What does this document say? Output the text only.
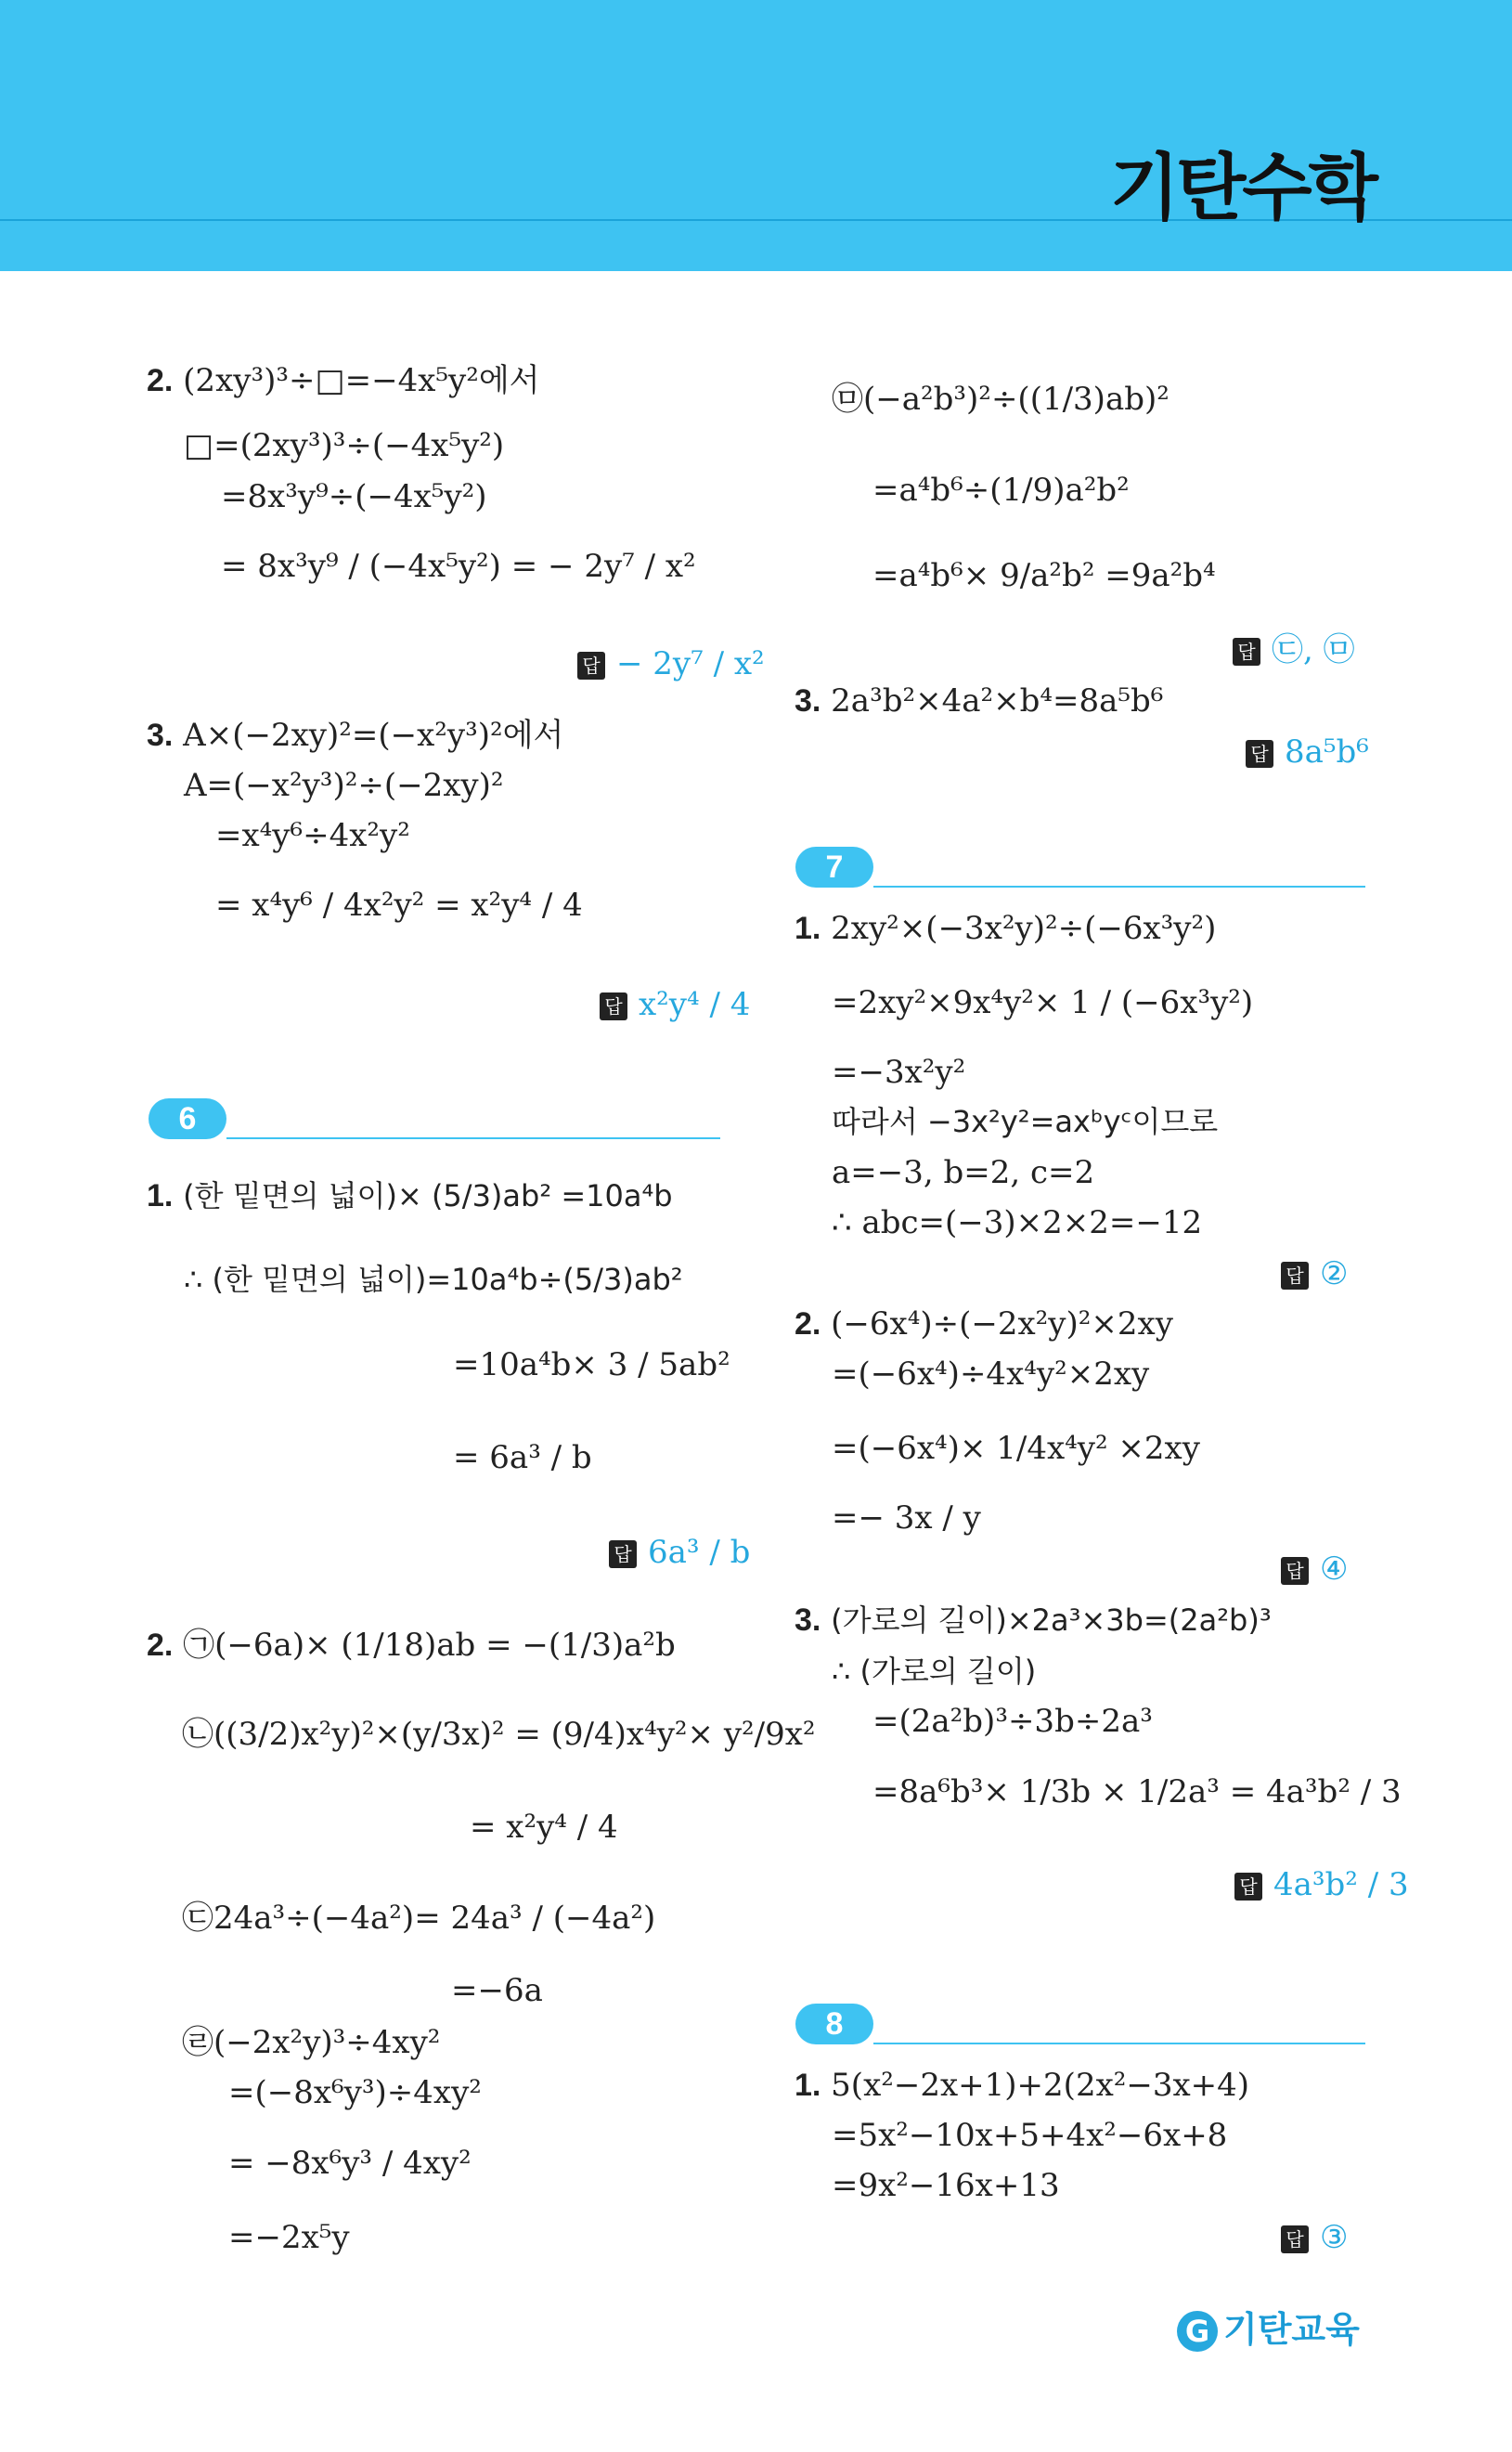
기탄수학
2. (2xy³)³÷□=−4x⁵y²에서
□=(2xy³)³÷(−4x⁵y²)
=8x³y⁹÷(−4x⁵y²)
= 8x³y⁹ / (−4x⁵y²) = − 2y⁷ / x²
답 − 2y⁷ / x²
3. A×(−2xy)²=(−x²y³)²에서
A=(−x²y³)²÷(−2xy)²
=x⁴y⁶÷4x²y²
= x⁴y⁶ / 4x²y² = x²y⁴ / 4
답 x²y⁴ / 4
6
1. (한 밑면의 넓이)× (5/3)ab² =10a⁴b
∴ (한 밑면의 넓이)=10a⁴b÷(5/3)ab²
=10a⁴b× 3 / 5ab²
= 6a³ / b
답 6a³ / b
2. ㉠(−6a)× (1/18)ab = −(1/3)a²b
㉡((3/2)x²y)²×(y/3x)² = (9/4)x⁴y²× y²/9x²
= x²y⁴ / 4
㉢24a³÷(−4a²)= 24a³ / (−4a²)
=−6a
㉣(−2x²y)³÷4xy²
=(−8x⁶y³)÷4xy²
= −8x⁶y³ / 4xy²
=−2x⁵y
㉤(−a²b³)²÷((1/3)ab)²
=a⁴b⁶÷(1/9)a²b²
=a⁴b⁶× 9/a²b² =9a²b⁴
답 ㉢, ㉤
3. 2a³b²×4a²×b⁴=8a⁵b⁶
답 8a⁵b⁶
7
1. 2xy²×(−3x²y)²÷(−6x³y²)
=2xy²×9x⁴y²× 1 / (−6x³y²)
=−3x²y²
따라서 −3x²y²=axᵇyᶜ이므로
a=−3, b=2, c=2
∴ abc=(−3)×2×2=−12
답 ②
2. (−6x⁴)÷(−2x²y)²×2xy
=(−6x⁴)÷4x⁴y²×2xy
=(−6x⁴)× 1/4x⁴y² ×2xy
=− 3x / y
답 ④
3. (가로의 길이)×2a³×3b=(2a²b)³
∴ (가로의 길이)
=(2a²b)³÷3b÷2a³
=8a⁶b³× 1/3b × 1/2a³ = 4a³b² / 3
답 4a³b² / 3
8
1. 5(x²−2x+1)+2(2x²−3x+4)
=5x²−10x+5+4x²−6x+8
=9x²−16x+13
답 ③
G 기탄교육
